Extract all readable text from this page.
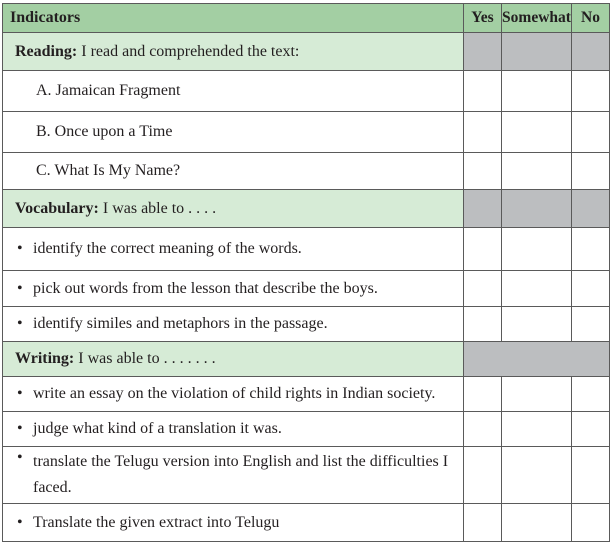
Indicators	Yes	Somewhat	No
Reading: I read and comprehended the text:			
A. Jamaican Fragment			
B. Once upon a Time			
C. What Is My Name?			
Vocabulary: I was able to . . . .			
• identify the correct meaning of the words.			
• pick out words from the lesson that describe the boys.			
• identify similes and metaphors in the passage.			
Writing: I was able to . . . . . . .			
• write an essay on the violation of child rights in Indian society.			
• judge what kind of a translation it was.			

• translate the Telugu version into English and list the difficulties I faced.			

• Translate the given extract into Telugu			
